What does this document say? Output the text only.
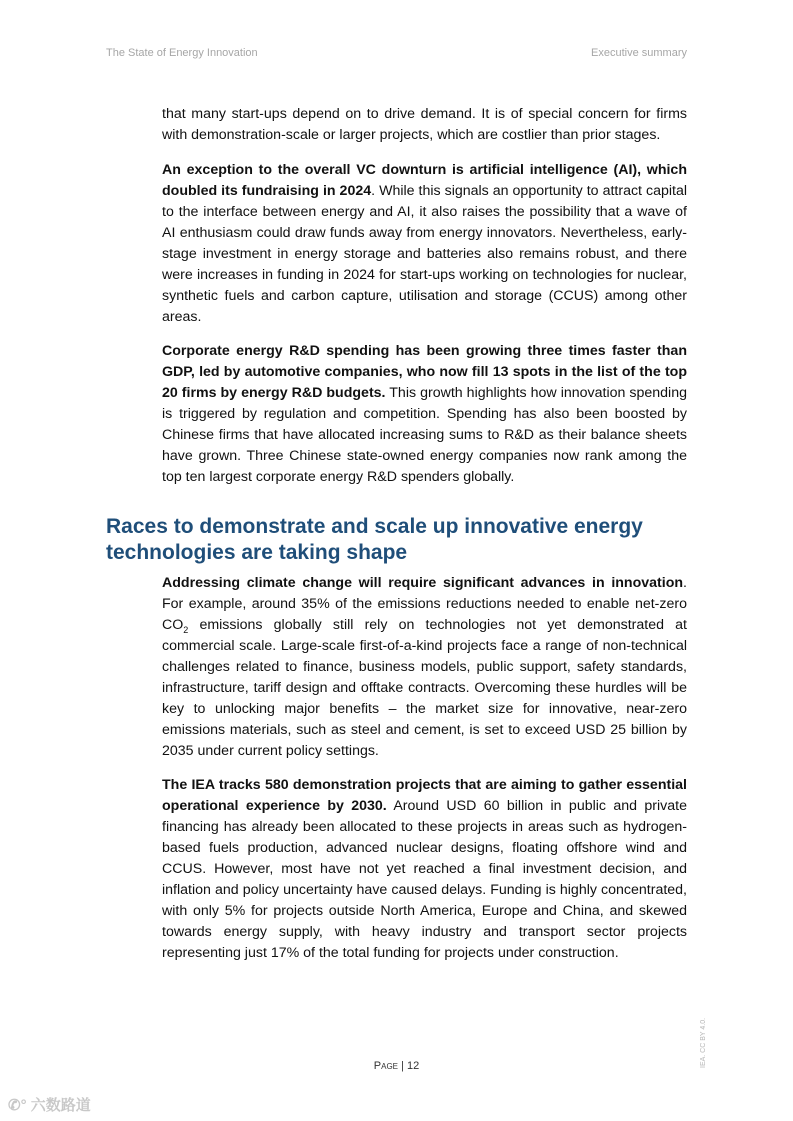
The State of Energy Innovation	Executive summary

that many start-ups depend on to drive demand. It is of special concern for firms with demonstration-scale or larger projects, which are costlier than prior stages.

An exception to the overall VC downturn is artificial intelligence (AI), which doubled its fundraising in 2024. While this signals an opportunity to attract capital to the interface between energy and AI, it also raises the possibility that a wave of AI enthusiasm could draw funds away from energy innovators. Nevertheless, early-stage investment in energy storage and batteries also remains robust, and there were increases in funding in 2024 for start-ups working on technologies for nuclear, synthetic fuels and carbon capture, utilisation and storage (CCUS) among other areas.

Corporate energy R&D spending has been growing three times faster than GDP, led by automotive companies, who now fill 13 spots in the list of the top 20 firms by energy R&D budgets. This growth highlights how innovation spending is triggered by regulation and competition. Spending has also been boosted by Chinese firms that have allocated increasing sums to R&D as their balance sheets have grown. Three Chinese state-owned energy companies now rank among the top ten largest corporate energy R&D spenders globally.

Races to demonstrate and scale up innovative energy technologies are taking shape

Addressing climate change will require significant advances in innovation. For example, around 35% of the emissions reductions needed to enable net-zero $CO_2$ emissions globally still rely on technologies not yet demonstrated at commercial scale. Large-scale first-of-a-kind projects face a range of non-technical challenges related to finance, business models, public support, safety standards, infrastructure, tariff design and offtake contracts. Overcoming these hurdles will be key to unlocking major benefits – the market size for innovative, near-zero emissions materials, such as steel and cement, is set to exceed USD 25 billion by 2035 under current policy settings.

The IEA tracks 580 demonstration projects that are aiming to gather essential operational experience by 2030. Around USD 60 billion in public and private financing has already been allocated to these projects in areas such as hydrogen-based fuels production, advanced nuclear designs, floating offshore wind and CCUS. However, most have not yet reached a final investment decision, and inflation and policy uncertainty have caused delays. Funding is highly concentrated, with only 5% for projects outside North America, Europe and China, and skewed towards energy supply, with heavy industry and transport sector projects representing just 17% of the total funding for projects under construction.

Page | 12	IEA. CC BY 4.0.
✆° 六数路道
